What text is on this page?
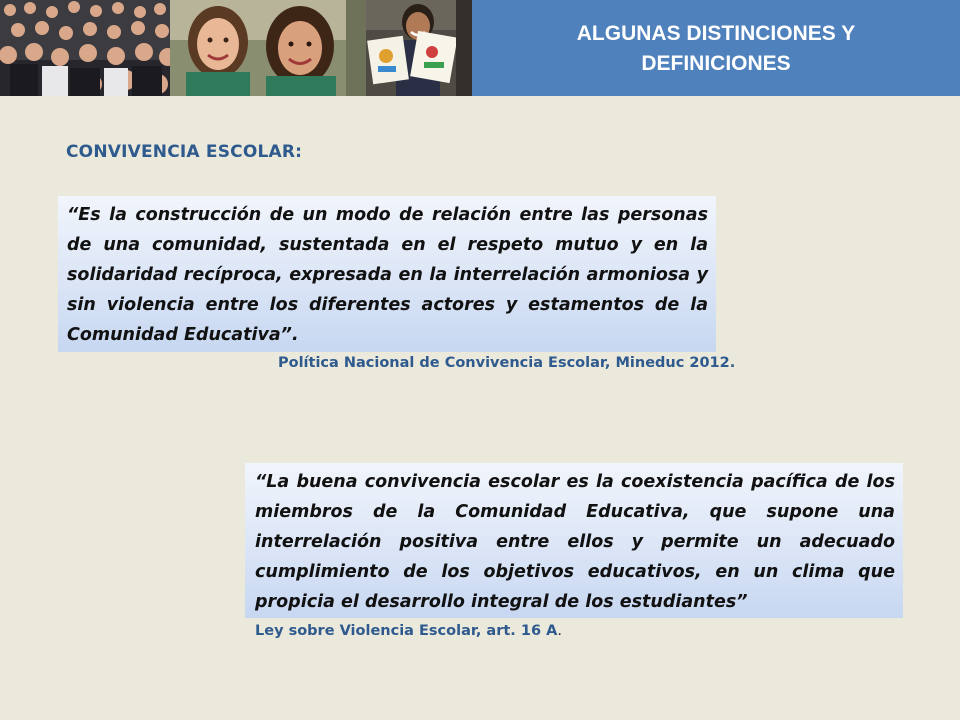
ALGUNAS DISTINCIONES Y DEFINICIONES
CONVIVENCIA ESCOLAR:
“Es la construcción de un modo de relación entre las personas de una comunidad, sustentada en el respeto mutuo y en la solidaridad recíproca, expresada en la interrelación armoniosa y sin violencia entre los diferentes actores y estamentos de la Comunidad Educativa”.
Política Nacional de Convivencia Escolar, Mineduc 2012.
“La buena convivencia escolar es la coexistencia pacífica de los miembros de la Comunidad Educativa, que supone una interrelación positiva entre ellos y permite un adecuado cumplimiento de los objetivos educativos, en un clima que propicia el desarrollo integral de los estudiantes”
Ley sobre Violencia Escolar, art. 16 A.
